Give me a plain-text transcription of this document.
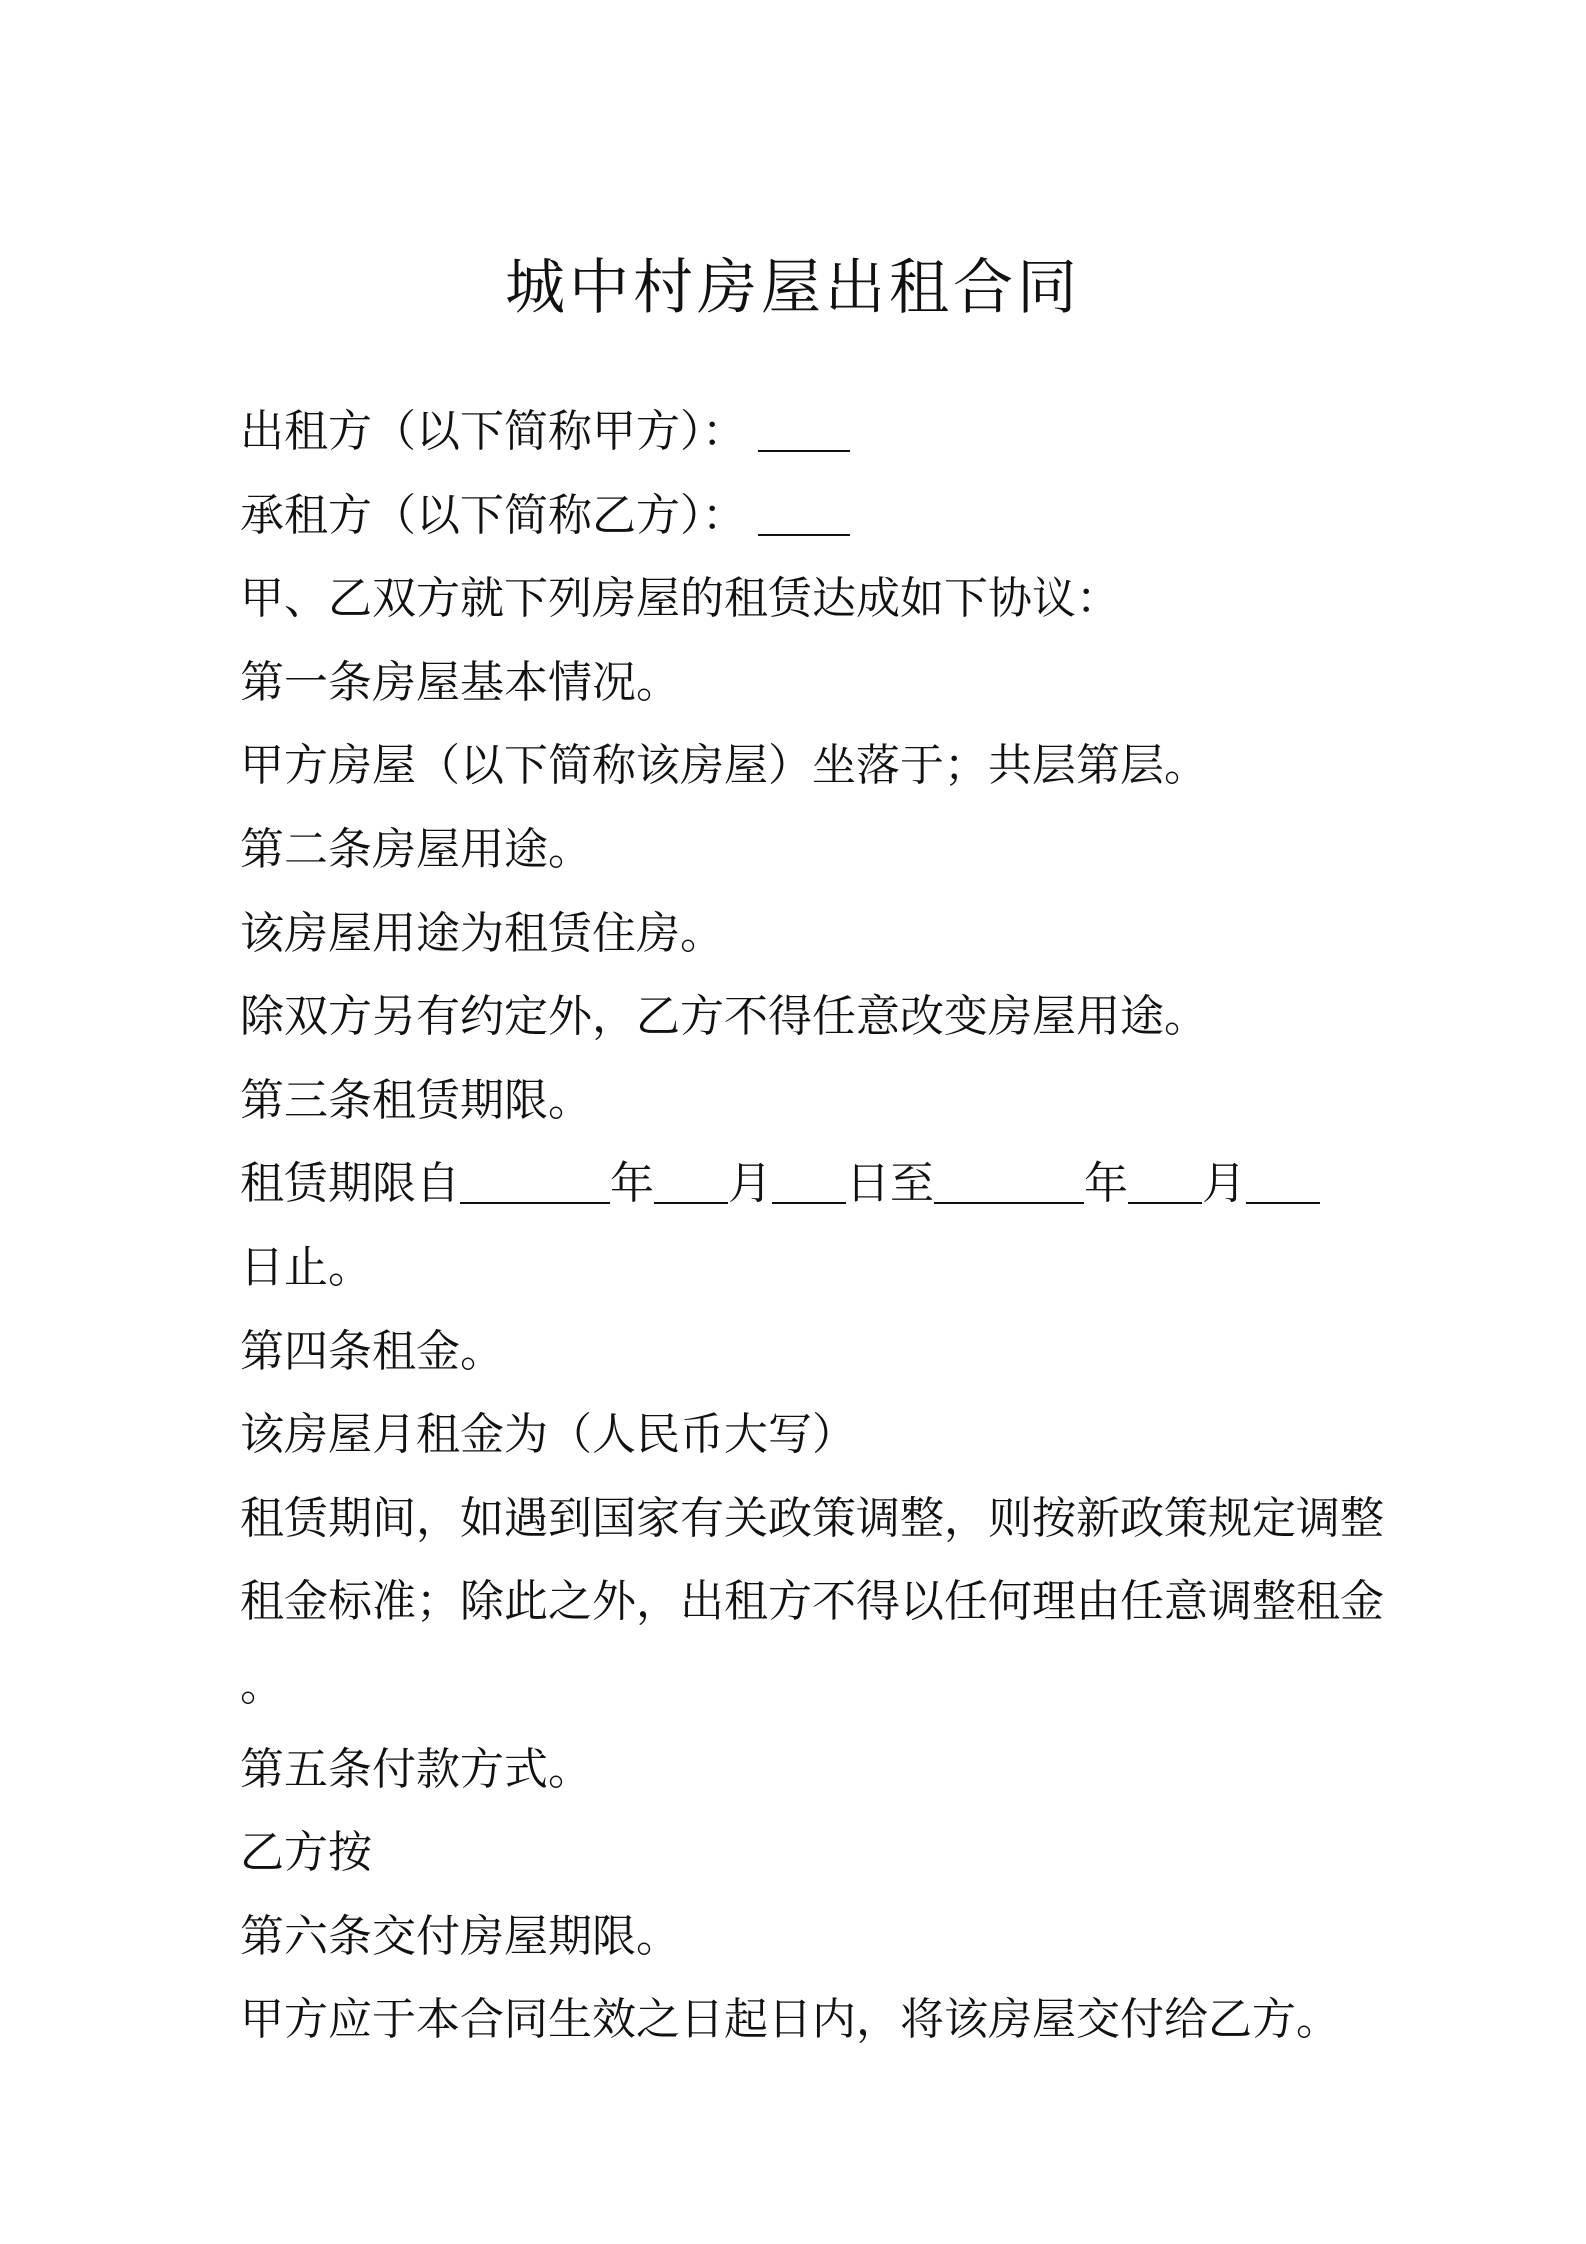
城中村房屋出租合同
出租方（以下简称甲方）：
承租方（以下简称乙方）：
甲、乙双方就下列房屋的租赁达成如下协议：
第一条房屋基本情况。
甲方房屋（以下简称该房屋）坐落于；共层第层。
第二条房屋用途。
该房屋用途为租赁住房。
除双方另有约定外，乙方不得任意改变房屋用途。
第三条租赁期限。
租赁期限自	年 月 日至	年 月
日止。
第四条租金。
该房屋月租金为（人民币大写）
租赁期间，如遇到国家有关政策调整，则按新政策规定调整
租金标准；除此之外，出租方不得以任何理由任意调整租金
。
第五条付款方式。
乙方按
第六条交付房屋期限。
甲方应于本合同生效之日起日内，将该房屋交付给乙方。
